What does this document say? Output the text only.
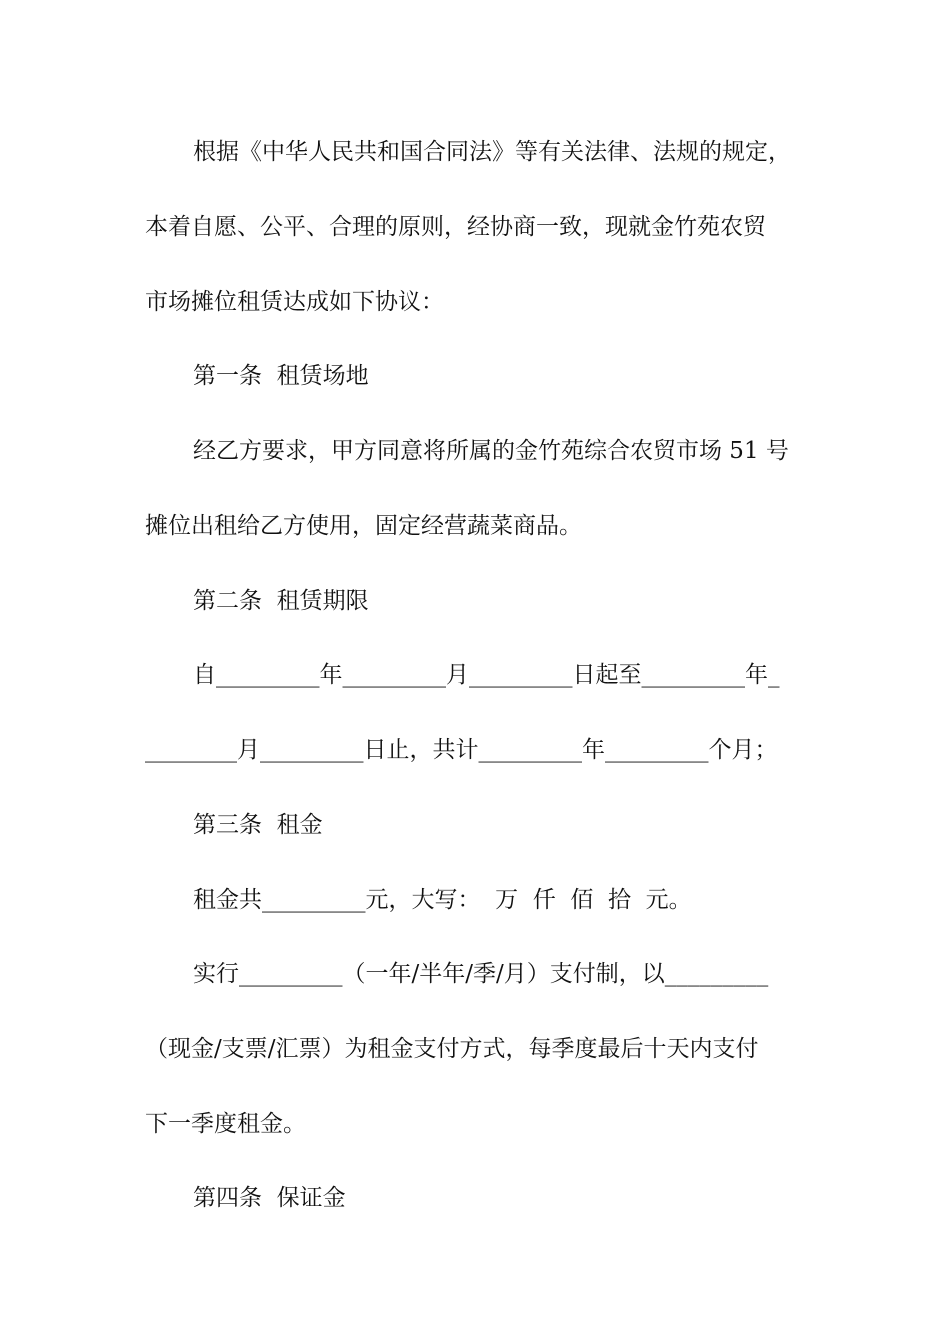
根据《中华人民共和国合同法》等有关法律、法规的规定，
本着自愿、公平、合理的原则，经协商一致，现就金竹苑农贸
市场摊位租赁达成如下协议：
第一条  租赁场地
经乙方要求，甲方同意将所属的金竹苑综合农贸市场 51 号
摊位出租给乙方使用，固定经营蔬菜商品。
第二条  租赁期限
自_________年_________月_________日起至_________年_
________月_________日止，共计_________年_________个月；
第三条  租金
租金共_________元，大写：  万  仟  佰  拾  元。
实行_________（一年/半年/季/月）支付制，以_________
（现金/支票/汇票）为租金支付方式，每季度最后十天内支付
下一季度租金。
第四条  保证金
